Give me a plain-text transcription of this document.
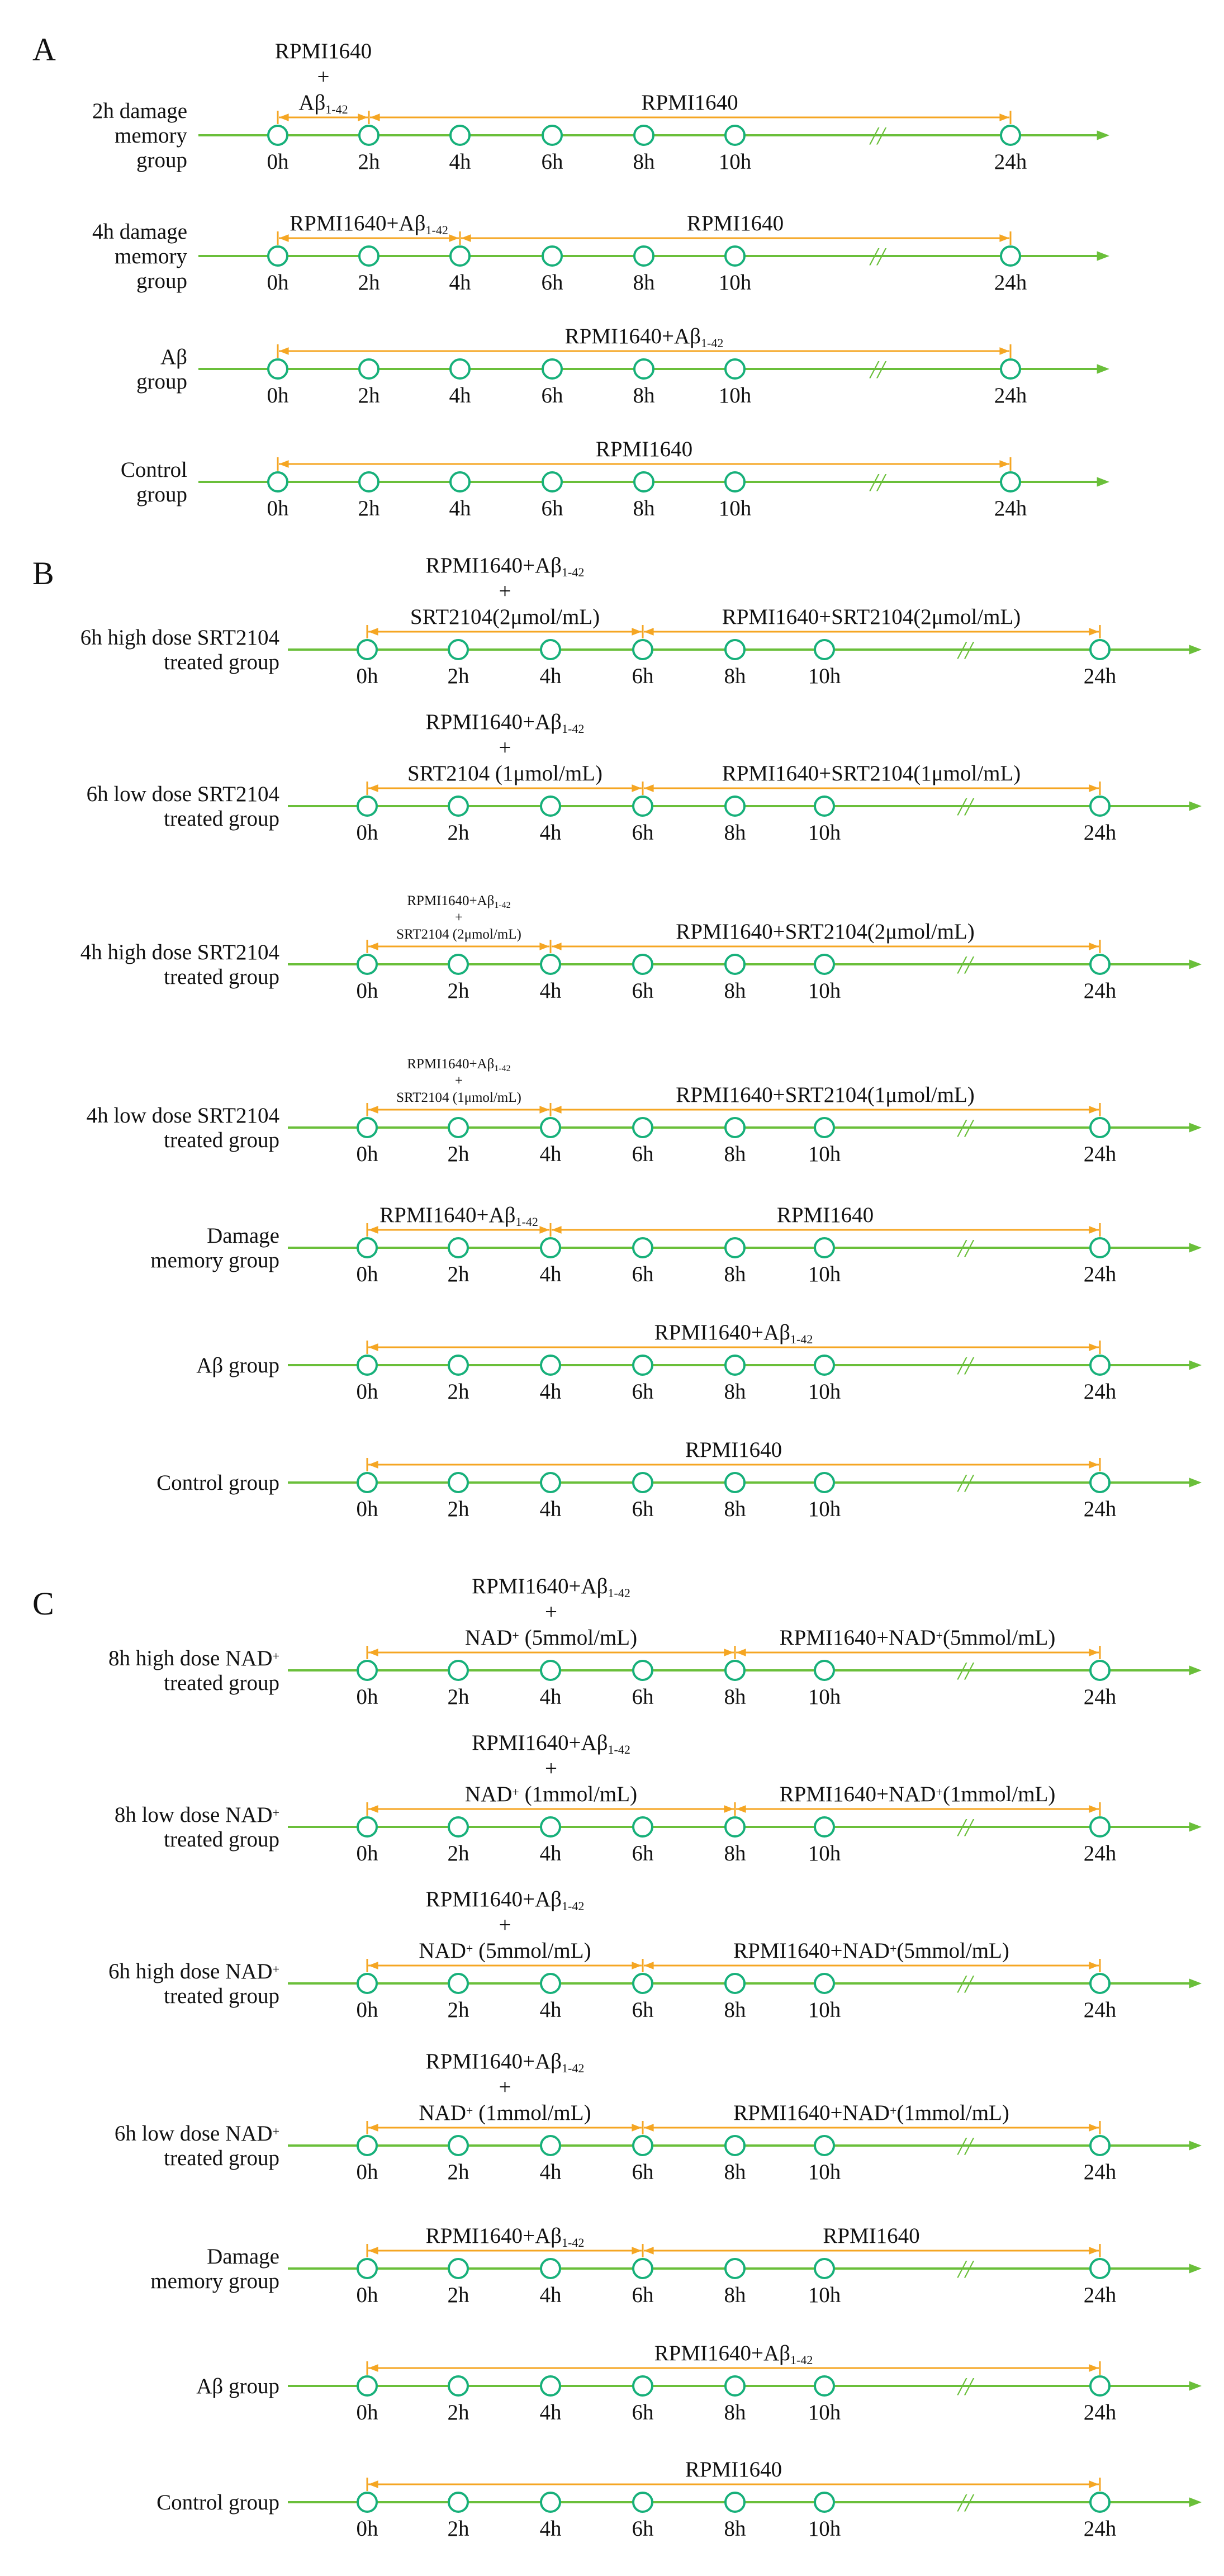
A
2h damage
memory
group
//
0h	2h	4h	6h	8h	10h	24h
RPMI1640
+
Aβ1-42	RPMI1640
4h damage
memory
group
//
0h	2h	4h	6h	8h	10h	24h
RPMI1640+Aβ1-42	RPMI1640
Aβ
group	//
0h	2h	4h	6h	8h	10h	24h
RPMI1640+Aβ1-42
Control
group	//
0h	2h	4h	6h	8h	10h	24h
RPMI1640
B
6h high dose SRT2104
treated group	//
0h	2h	4h	6h	8h	10h	24h
RPMI1640+Aβ1-42
+
SRT2104(2μmol/mL)	RPMI1640+SRT2104(2μmol/mL)
6h low dose SRT2104
treated group	//
0h	2h	4h	6h	8h	10h	24h
RPMI1640+Aβ1-42
+
SRT2104 (1μmol/mL)	RPMI1640+SRT2104(1μmol/mL)
4h high dose SRT2104
treated group	//
0h	2h	4h	6h	8h	10h	24h
RPMI1640+Aβ1-42
+
SRT2104 (2μmol/mL)	RPMI1640+SRT2104(2μmol/mL)
4h low dose SRT2104
treated group	//
0h	2h	4h	6h	8h	10h	24h
RPMI1640+Aβ1-42
+
SRT2104 (1μmol/mL)	RPMI1640+SRT2104(1μmol/mL)
Damage
memory group	//
0h	2h	4h	6h	8h	10h	24h
RPMI1640+Aβ1-42	RPMI1640
Aβ group	//
0h	2h	4h	6h	8h	10h	24h
RPMI1640+Aβ1-42
Control group	//
0h	2h	4h	6h	8h	10h	24h
RPMI1640
C
8h high dose NAD+
treated group	//
0h	2h	4h	6h	8h	10h	24h
RPMI1640+Aβ1-42
+
NAD+ (5mmol/mL)	RPMI1640+NAD+(5mmol/mL)
8h low dose NAD+
treated group	//
0h	2h	4h	6h	8h	10h	24h
RPMI1640+Aβ1-42
+
NAD+ (1mmol/mL)	RPMI1640+NAD+(1mmol/mL)
6h high dose NAD+
treated group	//
0h	2h	4h	6h	8h	10h	24h
RPMI1640+Aβ1-42
+
NAD+ (5mmol/mL)	RPMI1640+NAD+(5mmol/mL)
6h low dose NAD+
treated group	//
0h	2h	4h	6h	8h	10h	24h
RPMI1640+Aβ1-42
+
NAD+ (1mmol/mL)	RPMI1640+NAD+(1mmol/mL)
Damage
memory group	//
0h	2h	4h	6h	8h	10h	24h
RPMI1640+Aβ1-42	RPMI1640
Aβ group	//
0h	2h	4h	6h	8h	10h	24h
RPMI1640+Aβ1-42
Control group	//
0h	2h	4h	6h	8h	10h	24h
RPMI1640
